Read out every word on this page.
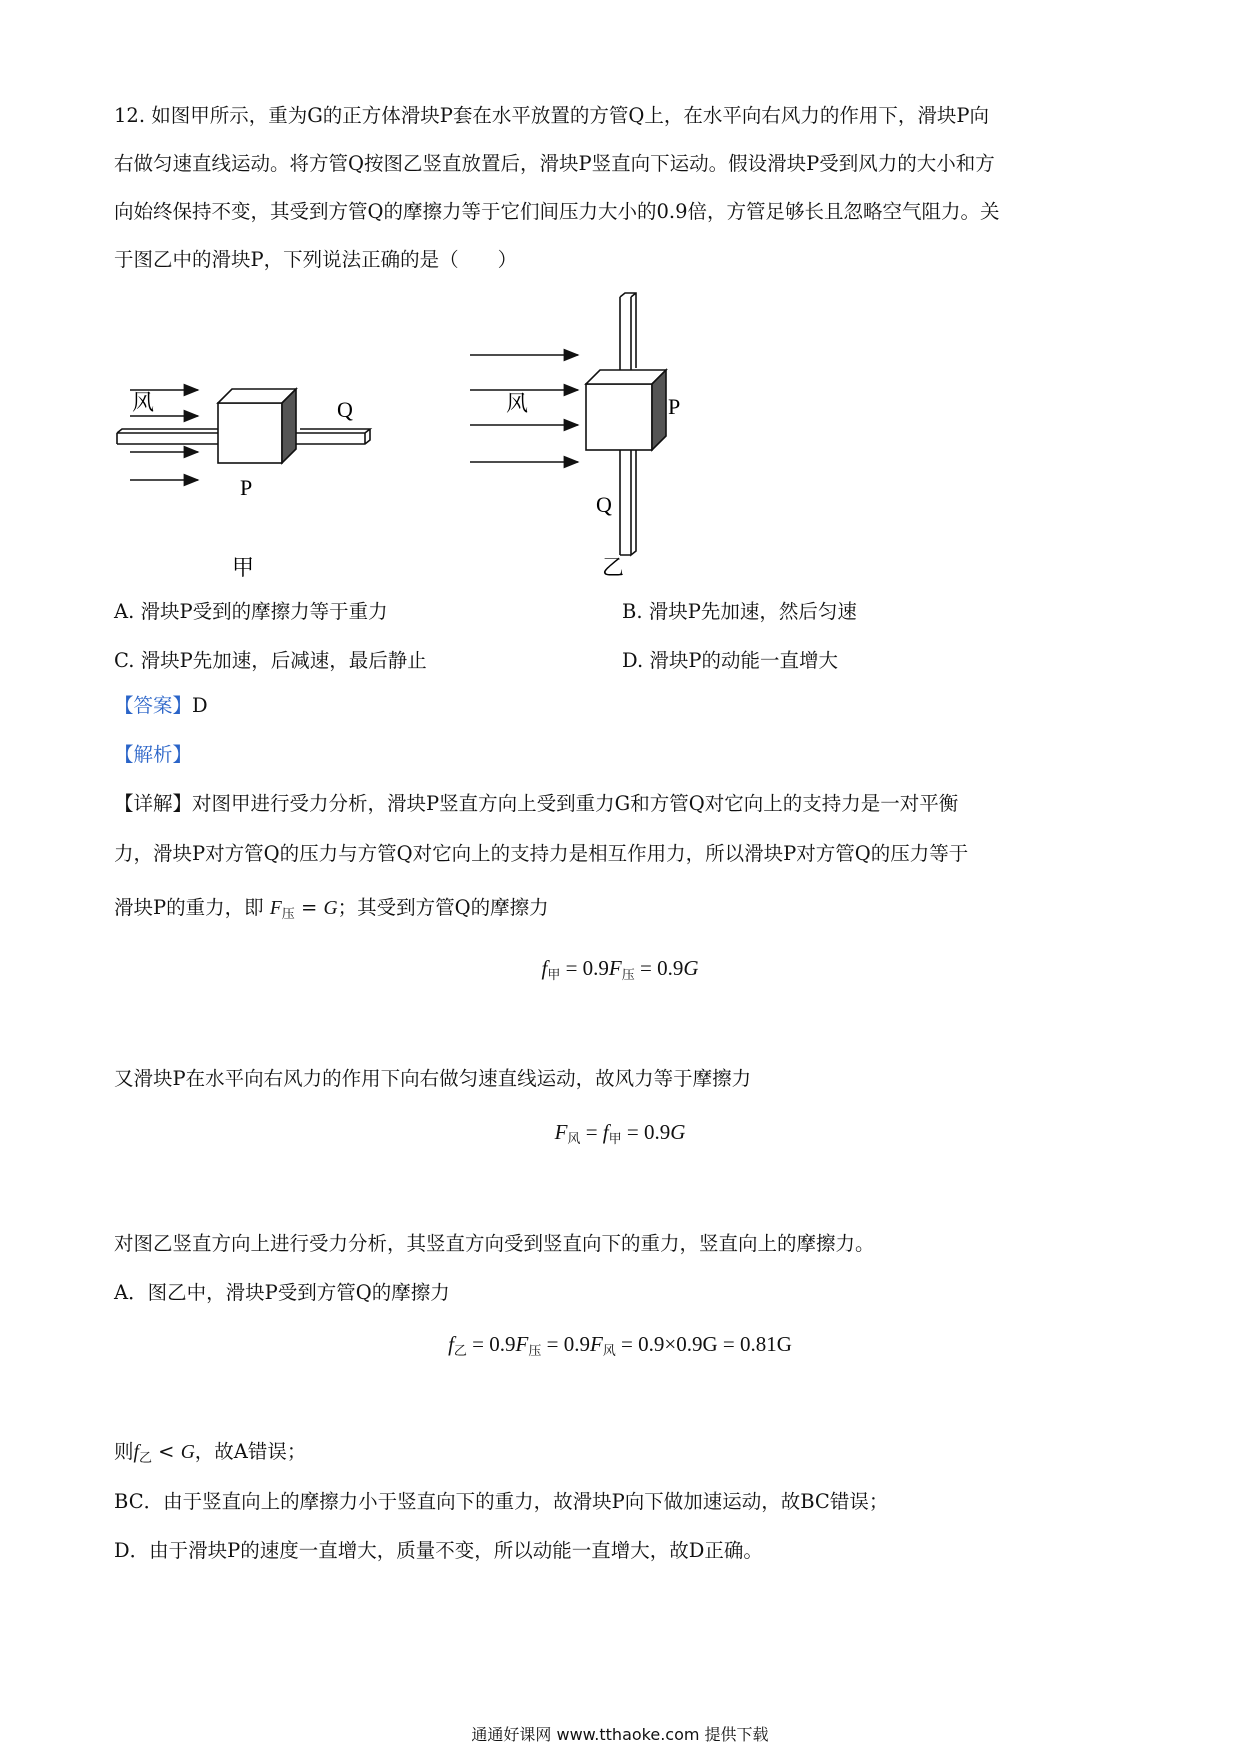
12. 如图甲所示，重为G的正方体滑块P套在水平放置的方管Q上，在水平向右风力的作用下，滑块P向
右做匀速直线运动。将方管Q按图乙竖直放置后，滑块P竖直向下运动。假设滑块P受到风力的大小和方
向始终保持不变，其受到方管Q的摩擦力等于它们间压力大小的0.9倍，方管足够长且忽略空气阻力。关
于图乙中的滑块P，下列说法正确的是（　　）
风	Q
P
甲
风	P
Q
乙
A. 滑块P受到的摩擦力等于重力	B. 滑块P先加速，然后匀速
C. 滑块P先加速，后减速，最后静止	D. 滑块P的动能一直增大
【答案】D
【解析】
【详解】对图甲进行受力分析，滑块P竖直方向上受到重力G和方管Q对它向上的支持力是一对平衡
力，滑块P对方管Q的压力与方管Q对它向上的支持力是相互作用力，所以滑块P对方管Q的压力等于
滑块P的重力，即 $F_压 = G$；其受到方管Q的摩擦力
$f_甲 = 0.9F_压 = 0.9G$
又滑块P在水平向右风力的作用下向右做匀速直线运动，故风力等于摩擦力
$F_风 = f_甲 = 0.9G$
对图乙竖直方向上进行受力分析，其竖直方向受到竖直向下的重力，竖直向上的摩擦力。
A．图乙中，滑块P受到方管Q的摩擦力
$f_乙 = 0.9F_压 = 0.9F_风 = 0.9\times 0.9G = 0.81G$
则$f_乙 < G$，故A错误；
BC．由于竖直向上的摩擦力小于竖直向下的重力，故滑块P向下做加速运动，故BC错误；
D．由于滑块P的速度一直增大，质量不变，所以动能一直增大，故D正确。
通通好课网 www.tthaoke.com 提供下载
